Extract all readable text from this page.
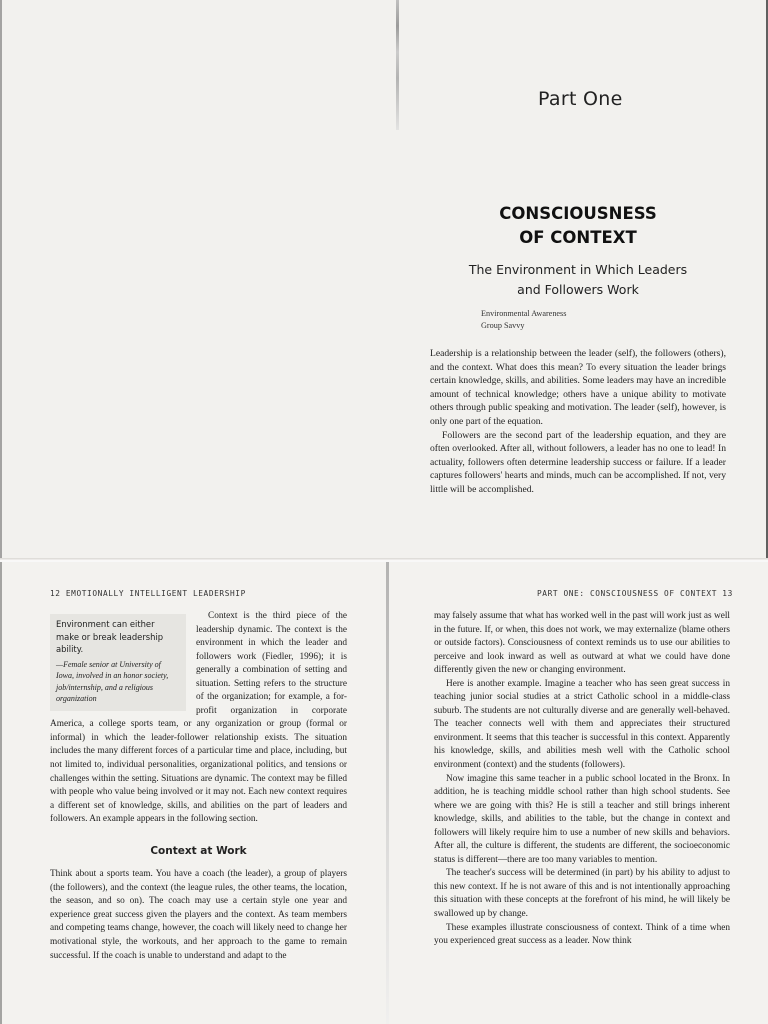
Part One
CONSCIOUSNESS
OF CONTEXT
The Environment in Which Leaders
and Followers Work
Environmental Awareness
Group Savvy

Leadership is a relationship between the leader (self), the followers (others), and the context. What does this mean? To every situation the leader brings certain knowledge, skills, and abilities. Some leaders may have an incredible amount of technical knowledge; others have a unique ability to motivate others through public speaking and motivation. The leader (self), however, is only one part of the equation.

Followers are the second part of the leadership equation, and they are often overlooked. After all, without followers, a leader has no one to lead! In actuality, followers often determine leadership success or failure. If a leader captures followers' hearts and minds, much can be accomplished. If not, very little will be accomplished.

12 EMOTIONALLY INTELLIGENT LEADERSHIP	PART ONE: CONSCIOUSNESS OF CONTEXT 13
Environment can either make or break leadership ability.
—Female senior at University of Iowa, involved in an honor society, job/internship, and a religious organization

Context is the third piece of the leadership dynamic. The context is the environment in which the leader and followers work (Fiedler, 1996); it is generally a combination of setting and situation. Setting refers to the structure of the organization; for example, a for-profit organization in corporate America, a college sports team, or any organization or group (formal or informal) in which the leader-follower relationship exists. The situation includes the many different forces of a particular time and place, including, but not limited to, individual personalities, organizational politics, and tensions or challenges within the setting. Situations are dynamic. The context may be filled with people who value being involved or it may not. Each new context requires a different set of knowledge, skills, and abilities on the part of leaders and followers. An example appears in the following section.

Context at Work

Think about a sports team. You have a coach (the leader), a group of players (the followers), and the context (the league rules, the other teams, the location, the season, and so on). The coach may use a certain style one year and experience great success given the players and the context. As team members and competing teams change, however, the coach will likely need to change her motivational style, the workouts, and her approach to the game to remain successful. If the coach is unable to understand and adapt to the

may falsely assume that what has worked well in the past will work just as well in the future. If, or when, this does not work, we may externalize (blame others or outside factors). Consciousness of context reminds us to use our abilities to perceive and look inward as well as outward at what we could have done differently given the new or changing environment.

Here is another example. Imagine a teacher who has seen great success in teaching junior social studies at a strict Catholic school in a middle-class suburb. The students are not culturally diverse and are generally well-behaved. The teacher connects well with them and appreciates their structured environment. It seems that this teacher is successful in this context. Apparently his knowledge, skills, and abilities mesh well with the Catholic school environment (context) and the students (followers).

Now imagine this same teacher in a public school located in the Bronx. In addition, he is teaching middle school rather than high school students. See where we are going with this? He is still a teacher and still brings inherent knowledge, skills, and abilities to the table, but the change in context and followers will likely require him to use a number of new skills and behaviors. After all, the culture is different, the students are different, the socioeconomic status is different—there are too many variables to mention.

The teacher's success will be determined (in part) by his ability to adjust to this new context. If he is not aware of this and is not intentionally approaching this situation with these concepts at the forefront of his mind, he will likely be swallowed up by change.

These examples illustrate consciousness of context. Think of a time when you experienced great success as a leader. Now think
